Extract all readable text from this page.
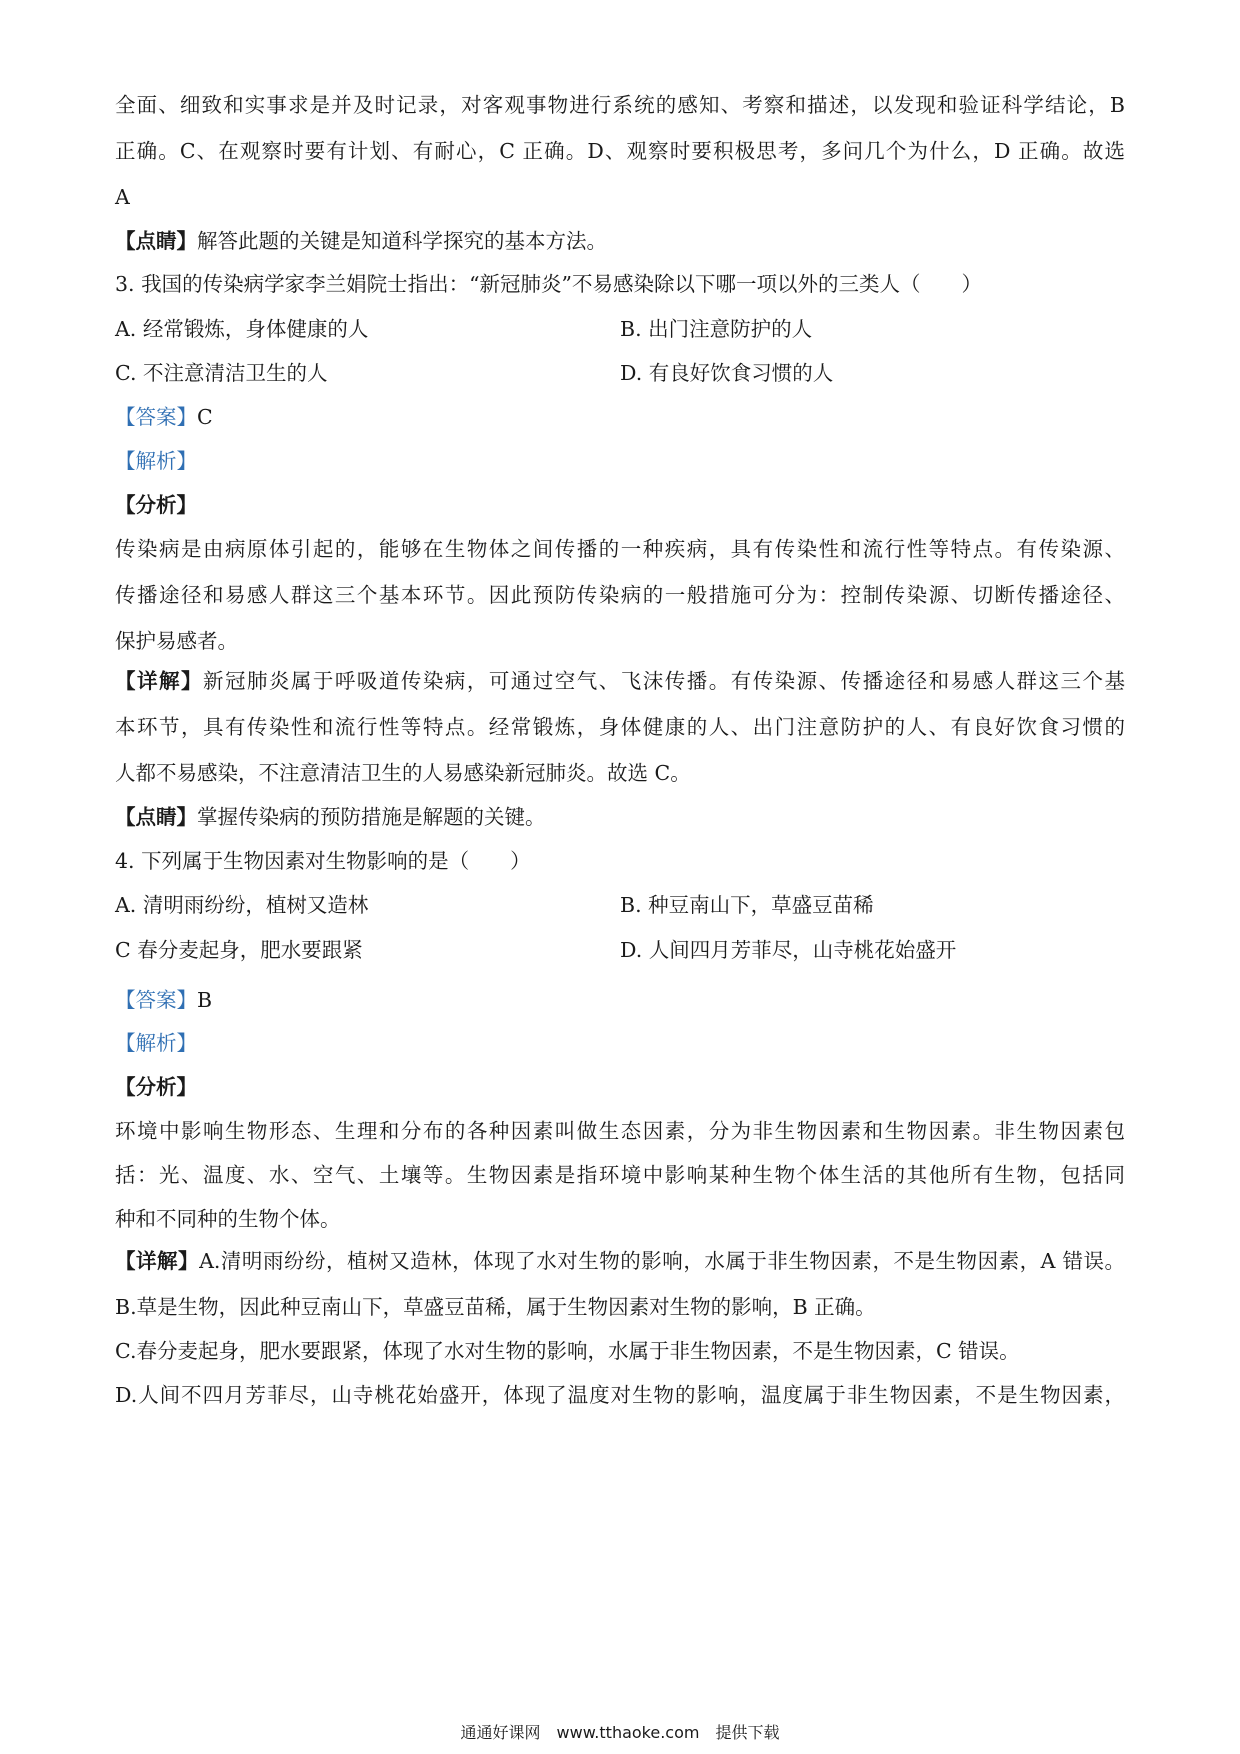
全面、细致和实事求是并及时记录，对客观事物进行系统的感知、考察和描述，以发现和验证科学结论，B
正确。C、在观察时要有计划、有耐心，C 正确。D、观察时要积极思考，多问几个为什么，D 正确。故选
A
【点睛】解答此题的关键是知道科学探究的基本方法。
3. 我国的传染病学家李兰娟院士指出：“新冠肺炎”不易感染除以下哪一项以外的三类人（　　）
A. 经常锻炼，身体健康的人	B. 出门注意防护的人
C. 不注意清洁卫生的人	D. 有良好饮食习惯的人
【答案】C
【解析】
【分析】
传染病是由病原体引起的，能够在生物体之间传播的一种疾病，具有传染性和流行性等特点。有传染源、
传播途径和易感人群这三个基本环节。因此预防传染病的一般措施可分为：控制传染源、切断传播途径、
保护易感者。
【详解】新冠肺炎属于呼吸道传染病，可通过空气、飞沫传播。有传染源、传播途径和易感人群这三个基
本环节，具有传染性和流行性等特点。经常锻炼，身体健康的人、出门注意防护的人、有良好饮食习惯的
人都不易感染，不注意清洁卫生的人易感染新冠肺炎。故选 C。
【点睛】掌握传染病的预防措施是解题的关键。
4. 下列属于生物因素对生物影响的是（　　）
A. 清明雨纷纷，植树又造林	B. 种豆南山下，草盛豆苗稀
C 春分麦起身，肥水要跟紧	D. 人间四月芳菲尽，山寺桃花始盛开
【答案】B
【解析】
【分析】
环境中影响生物形态、生理和分布的各种因素叫做生态因素，分为非生物因素和生物因素。非生物因素包
括：光、温度、水、空气、土壤等。生物因素是指环境中影响某种生物个体生活的其他所有生物，包括同
种和不同种的生物个体。
【详解】A.清明雨纷纷，植树又造林，体现了水对生物的影响，水属于非生物因素，不是生物因素，A 错误。
B.草是生物，因此种豆南山下，草盛豆苗稀，属于生物因素对生物的影响，B 正确。
C.春分麦起身，肥水要跟紧，体现了水对生物的影响，水属于非生物因素，不是生物因素，C 错误。
D.人间不四月芳菲尽，山寺桃花始盛开，体现了温度对生物的影响，温度属于非生物因素，不是生物因素，
通通好课网　www.tthaoke.com　提供下载
